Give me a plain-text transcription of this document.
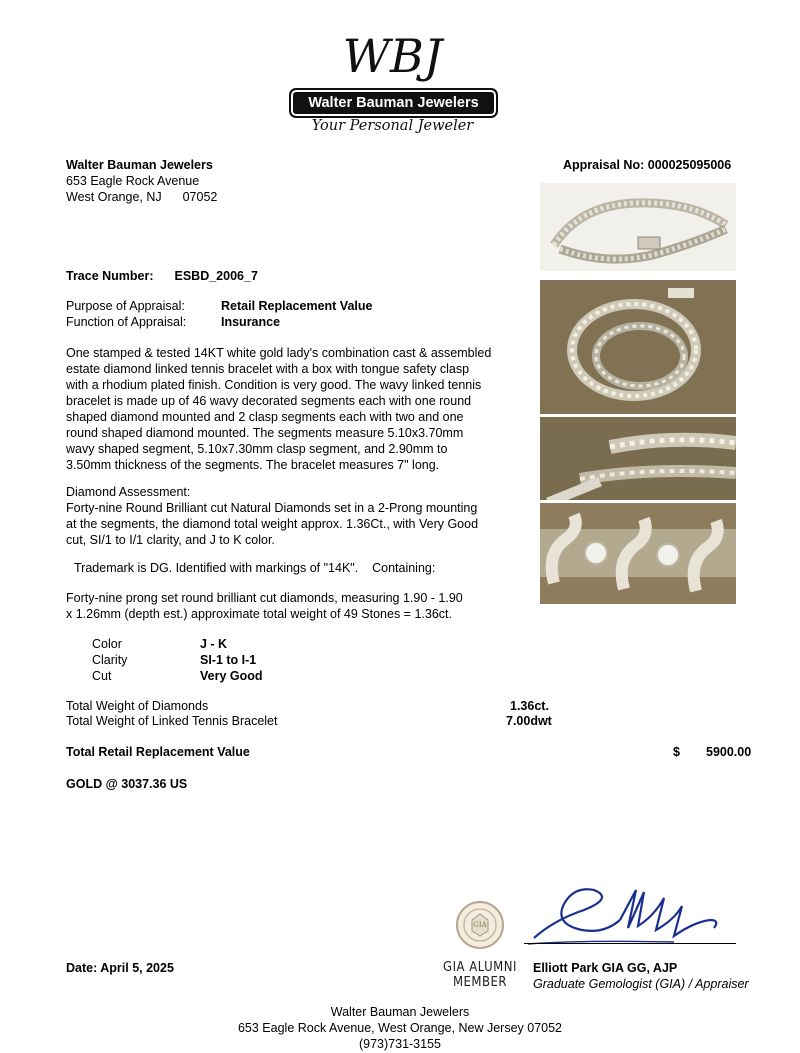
WBJ
Walter Bauman Jewelers
Your Personal Jeweler
Walter Bauman Jewelers
653 Eagle Rock Avenue
West Orange, NJ 07052
Appraisal No: 000025095006
Trace Number: ESBD_2006_7
Purpose of Appraisal:	Retail Replacement Value
Function of Appraisal:	Insurance
One stamped & tested 14KT white gold lady's combination cast & assembled
estate diamond linked tennis bracelet with a box with tongue safety clasp
with a rhodium plated finish. Condition is very good. The wavy linked tennis
bracelet is made up of 46 wavy decorated segments each with one round
shaped diamond mounted and 2 clasp segments each with two and one
round shaped diamond mounted. The segments measure 5.10x3.70mm
wavy shaped segment, 5.10x7.30mm clasp segment, and 2.90mm to
3.50mm thickness of the segments. The bracelet measures 7" long.
Diamond Assessment:
Forty-nine Round Brilliant cut Natural Diamonds set in a 2-Prong mounting
at the segments, the diamond total weight approx. 1.36Ct., with Very Good
cut, SI/1 to I/1 clarity, and J to K color.
Trademark is DG. Identified with markings of "14K".    Containing:
Forty-nine prong set round brilliant cut diamonds, measuring 1.90 - 1.90
x 1.26mm (depth est.) approximate total weight of 49 Stones = 1.36ct.
Color	J - K
Clarity	SI-1 to I-1
Cut	Very Good
Total Weight of Diamonds	1.36ct.
Total Weight of Linked Tennis Bracelet	7.00dwt
Total Retail Replacement Value	$ 5900.00
GOLD @ 3037.36 US
Date: April 5, 2025
GIA
GIA ALUMNI
MEMBER
Elliott Park GIA GG, AJP
Graduate Gemologist (GIA) / Appraiser
Walter Bauman Jewelers
653 Eagle Rock Avenue, West Orange, New Jersey 07052
(973)731-3155
